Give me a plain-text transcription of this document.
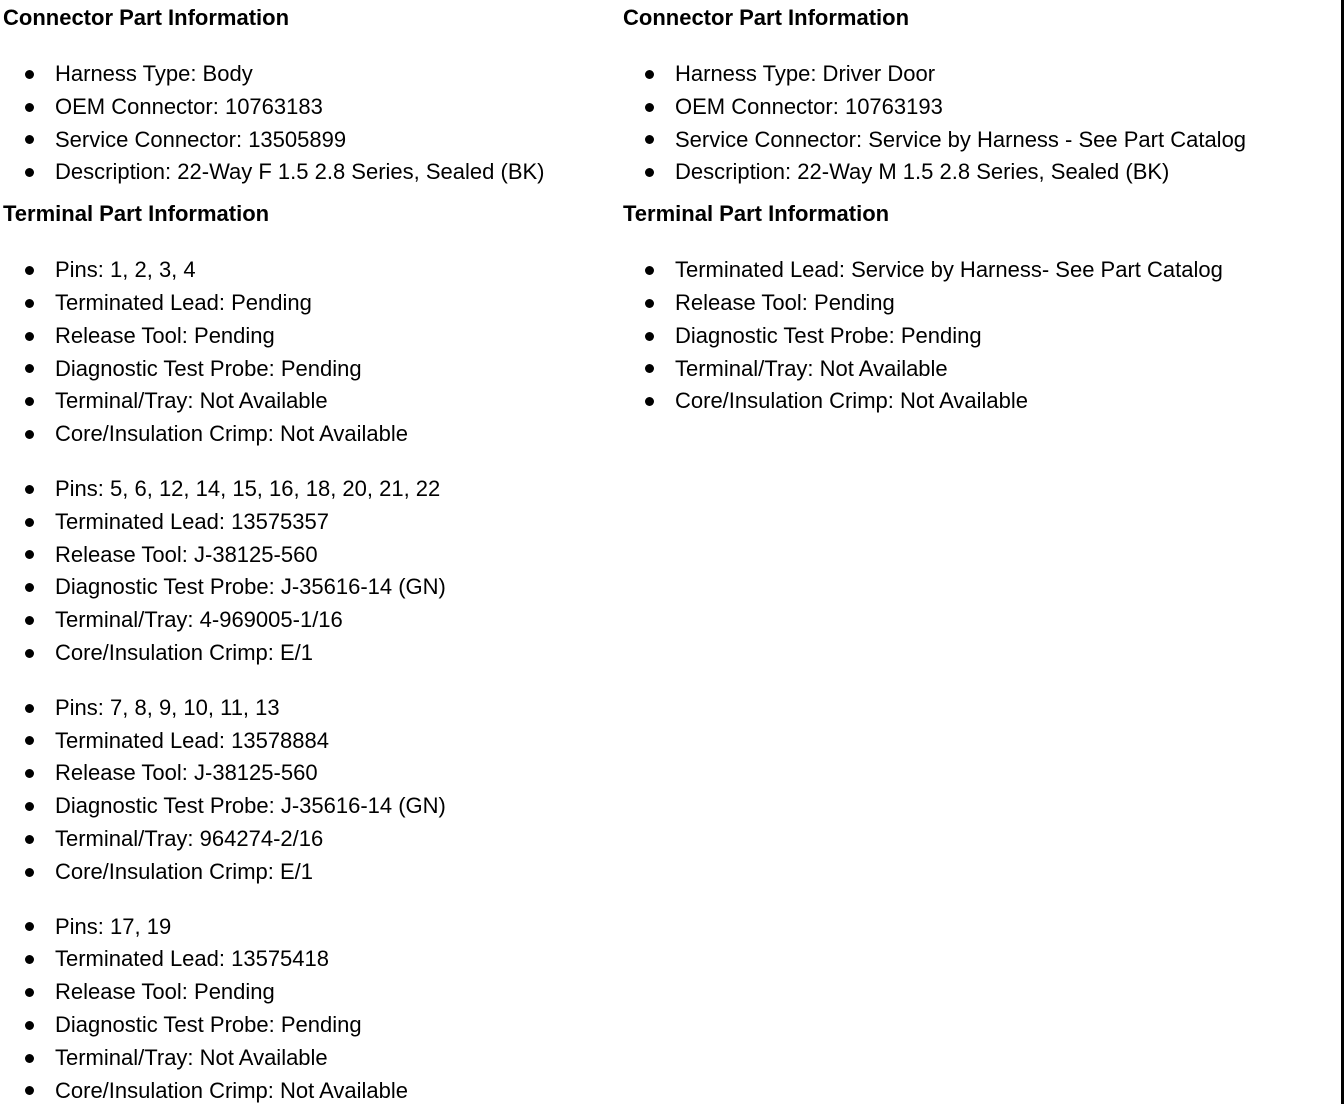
Connector Part Information
Harness Type: Body
OEM Connector: 10763183
Service Connector: 13505899
Description: 22-Way F 1.5 2.8 Series, Sealed (BK)
Terminal Part Information
Pins: 1, 2, 3, 4
Terminated Lead: Pending
Release Tool: Pending
Diagnostic Test Probe: Pending
Terminal/Tray: Not Available
Core/Insulation Crimp: Not Available
Pins: 5, 6, 12, 14, 15, 16, 18, 20, 21, 22
Terminated Lead: 13575357
Release Tool: J-38125-560
Diagnostic Test Probe: J-35616-14 (GN)
Terminal/Tray: 4-969005-1/16
Core/Insulation Crimp: E/1
Pins: 7, 8, 9, 10, 11, 13
Terminated Lead: 13578884
Release Tool: J-38125-560
Diagnostic Test Probe: J-35616-14 (GN)
Terminal/Tray: 964274-2/16
Core/Insulation Crimp: E/1
Pins: 17, 19
Terminated Lead: 13575418
Release Tool: Pending
Diagnostic Test Probe: Pending
Terminal/Tray: Not Available
Core/Insulation Crimp: Not Available
Connector Part Information
Harness Type: Driver Door
OEM Connector: 10763193
Service Connector: Service by Harness - See Part Catalog
Description: 22-Way M 1.5 2.8 Series, Sealed (BK)
Terminal Part Information
Terminated Lead: Service by Harness- See Part Catalog
Release Tool: Pending
Diagnostic Test Probe: Pending
Terminal/Tray: Not Available
Core/Insulation Crimp: Not Available
